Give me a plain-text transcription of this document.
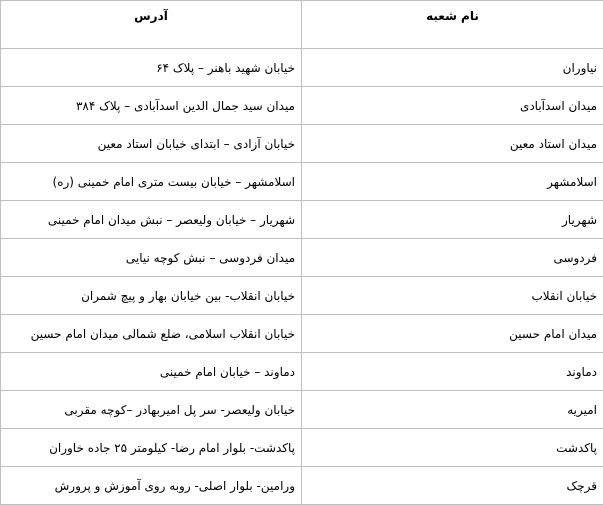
نام شعبه	آدرس
نیاوران	خیابان شهید باهنر – پلاک ۶۴
میدان اسدآبادی	میدان سید جمال الدین اسدآبادی – پلاک ۳۸۴
میدان استاد معین	خیابان آزادی – ابتدای خیابان استاد معین
اسلامشهر	اسلامشهر – خیابان بیست متری امام خمینی (ره)
شهریار	شهریار – خیابان ولیعصر – نبش میدان امام خمینی
فردوسی	میدان فردوسی – نبش کوچه نیایی
خیابان انقلاب	خیابان انقلاب- بین خیابان بهار و پیچ شمران
میدان امام حسین	خیابان انقلاب اسلامی، ضلع شمالی میدان امام حسین
دماوند	دماوند – خیابان امام خمینی
امیریه	خیابان ولیعصر- سر پل امیربهادر –کوچه مقربی
پاکدشت	پاکدشت- بلوار امام رضا- کیلومتر ۲۵ جاده خاوران
قرچک	ورامین- بلوار اصلی- روبه روی آموزش و پرورش
